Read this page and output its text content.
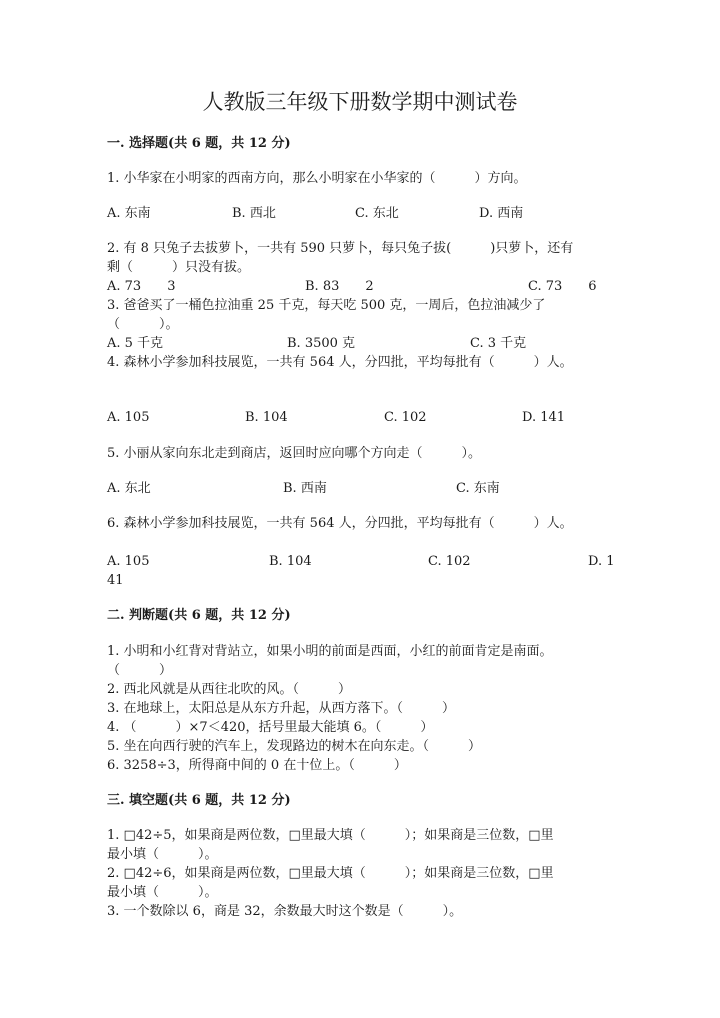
人教版三年级下册数学期中测试卷
一. 选择题(共 6 题，共 12 分)
1. 小华家在小明家的西南方向，那么小明家在小华家的（　　　）方向。
A. 东南	B. 西北	C. 东北	D. 西南
2. 有 8 只兔子去拔萝卜，一共有 590 只萝卜，每只兔子拔(　　　)只萝卜，还有
剩（　　　）只没有拔。
A. 73　　3	B. 83　　2	C. 73　　6
3. 爸爸买了一桶色拉油重 25 千克，每天吃 500 克，一周后，色拉油减少了
（　　　）。
A. 5 千克	B. 3500 克	C. 3 千克
4. 森林小学参加科技展览，一共有 564 人，分四批，平均每批有（　　　）人。
A. 105	B. 104	C. 102	D. 141
5. 小丽从家向东北走到商店，返回时应向哪个方向走（　　　）。
A. 东北	B. 西南	C. 东南
6. 森林小学参加科技展览，一共有 564 人，分四批，平均每批有（　　　）人。
A. 105	B. 104	C. 102	D. 1
41
二. 判断题(共 6 题，共 12 分)
1. 小明和小红背对背站立，如果小明的前面是西面，小红的前面肯定是南面。
（　　　）
2. 西北风就是从西往北吹的风。（　　　）
3. 在地球上，太阳总是从东方升起，从西方落下。（　　　）
4. （　　　）×7＜420，括号里最大能填 6。（　　　）
5. 坐在向西行驶的汽车上，发现路边的树木在向东走。（　　　）
6. 3258÷3，所得商中间的 0 在十位上。（　　　）
三. 填空题(共 6 题，共 12 分)
1. □42÷5，如果商是两位数，□里最大填（　　　）；如果商是三位数，□里
最小填（　　　）。
2. □42÷6，如果商是两位数，□里最大填（　　　）；如果商是三位数，□里
最小填（　　　）。
3. 一个数除以 6，商是 32，余数最大时这个数是（　　　）。
